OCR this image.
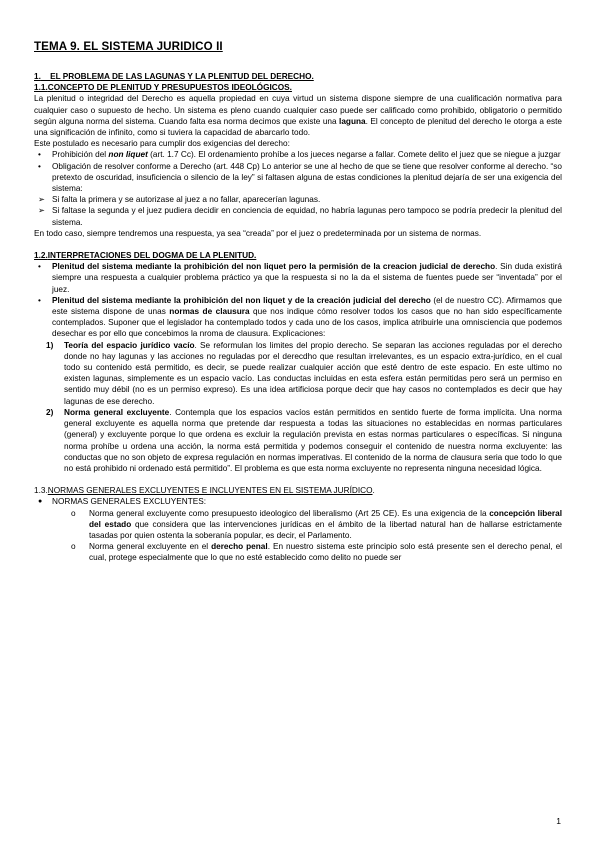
TEMA 9. EL SISTEMA JURIDICO II
1. EL PROBLEMA DE LAS LAGUNAS Y LA PLENITUD DEL DERECHO.
1.1.CONCEPTO DE PLENITUD Y PRESUPUESTOS IDEOLÓGICOS.

La plenitud o integridad del Derecho es aquella propiedad en cuya virtud un sistema dispone siempre de una cualificación normativa para cualquier caso o supuesto de hecho. Un sistema es pleno cuando cualquier caso puede ser calificado como prohibido, obligatorio o permitido según alguna norma del sistema. Cuando falta esa norma decimos que existe una laguna. El concepto de plenitud del derecho le otorga a este una significación de infinito, como si tuviera la capacidad de abarcarlo todo.

Este postulado es necesario para cumplir dos exigencias del derecho:

• Prohibición del non liquet (art. 1.7 Cc). El ordenamiento prohíbe a los jueces negarse a fallar. Comete delito el juez que se niegue a juzgar
• Obligación de resolver conforme a Derecho (art. 448 Cp) Lo anterior se une al hecho de que se tiene que resolver conforme al derecho. “so pretexto de oscuridad, insuficiencia o silencio de la ley” si faltasen alguna de estas condiciones la plenitud dejaría de ser una exigencia del sistema:
➢ Si falta la primera y se autorizase al juez a no fallar, aparecerían lagunas.
➢ Si faltase la segunda y el juez pudiera decidir en conciencia de equidad, no habría lagunas pero tampoco se podría predecir la plenitud del sistema.

En todo caso, siempre tendremos una respuesta, ya sea “creada” por el juez o predeterminada por un sistema de normas.

1.2.INTERPRETACIONES DEL DOGMA DE LA PLENITUD.
• Plenitud del sistema mediante la prohibición del non liquet pero la permisión de la creacion judicial de derecho. Sin duda existirá siempre una respuesta a cualquier problema práctico ya que la respuesta si no la da el sistema de fuentes puede ser “inventada” por el juez.
• Plenitud del sistema mediante la prohibición del non liquet y de la creación judicial del derecho (el de nuestro CC). Afirmamos que este sistema dispone de unas normas de clausura que nos indique cómo resolver todos los casos que no han sido específicamente contemplados. Suponer que el legislador ha contemplado todos y cada uno de los casos, implica atribuirle una omnisciencia que podemos desechar es por ello que concebimos la nroma de clausura. Explicaciones:
1) Teoría del espacio jurídico vacío. Se reformulan los limites del propio derecho. Se separan las acciones reguladas por el derecho donde no hay lagunas y las acciones no reguladas por el derecdho que resultan irrelevantes, es un espacio extra-jurídico, en el cual todo su contenido está permitido, es decir, se puede realizar cualquier acción que esté dentro de este espacio. En este ultimo no existen lagunas, simplemente es un espacio vacío. Las conductas incluidas en esta esfera están permitidas pero será un permiso en sentido muy débil (no es un permiso expreso). Es una idea artificiosa porque decir que hay casos no contemplados es decir que hay lagunas de ese derecho.
2) Norma general excluyente. Contempla que los espacios vacíos están permitidos en sentido fuerte de forma implícita. Una norma general excluyente es aquella norma que pretende dar respuesta a todas las situaciones no establecidas en normas particulares (general) y excluyente porque lo que ordena es excluir la regulación prevista en estas normas particulares o específicas. Si ninguna norma prohíbe u ordena una acción, la norma está permitida y podemos conseguir el contenido de nuestra norma excluyente: las conductas que no son objeto de expresa regulación en normas imperativas. El contenido de la norma de clausura seria que todo lo que no está prohibido ni ordenado está permitido”. El problema es que esta norma excluyente no representa ninguna necesidad lógica.
1.3.NORMAS GENERALES EXCLUYENTES E INCLUYENTES EN EL SISTEMA JURÍDICO.
● NORMAS GENERALES EXCLUYENTES:
o Norma general excluyente como presupuesto ideologico del liberalismo (Art 25 CE). Es una exigencia de la concepción liberal del estado que considera que las intervenciones jurídicas en el ámbito de la libertad natural han de hallarse estrictamente tasadas por quien ostenta la soberanía popular, es decir, el Parlamento.
o Norma general excluyente en el derecho penal. En nuestro sistema este principio solo está presente sen el derecho penal, el cual, protege especialmente que lo que no esté establecido como delito no puede ser
1
